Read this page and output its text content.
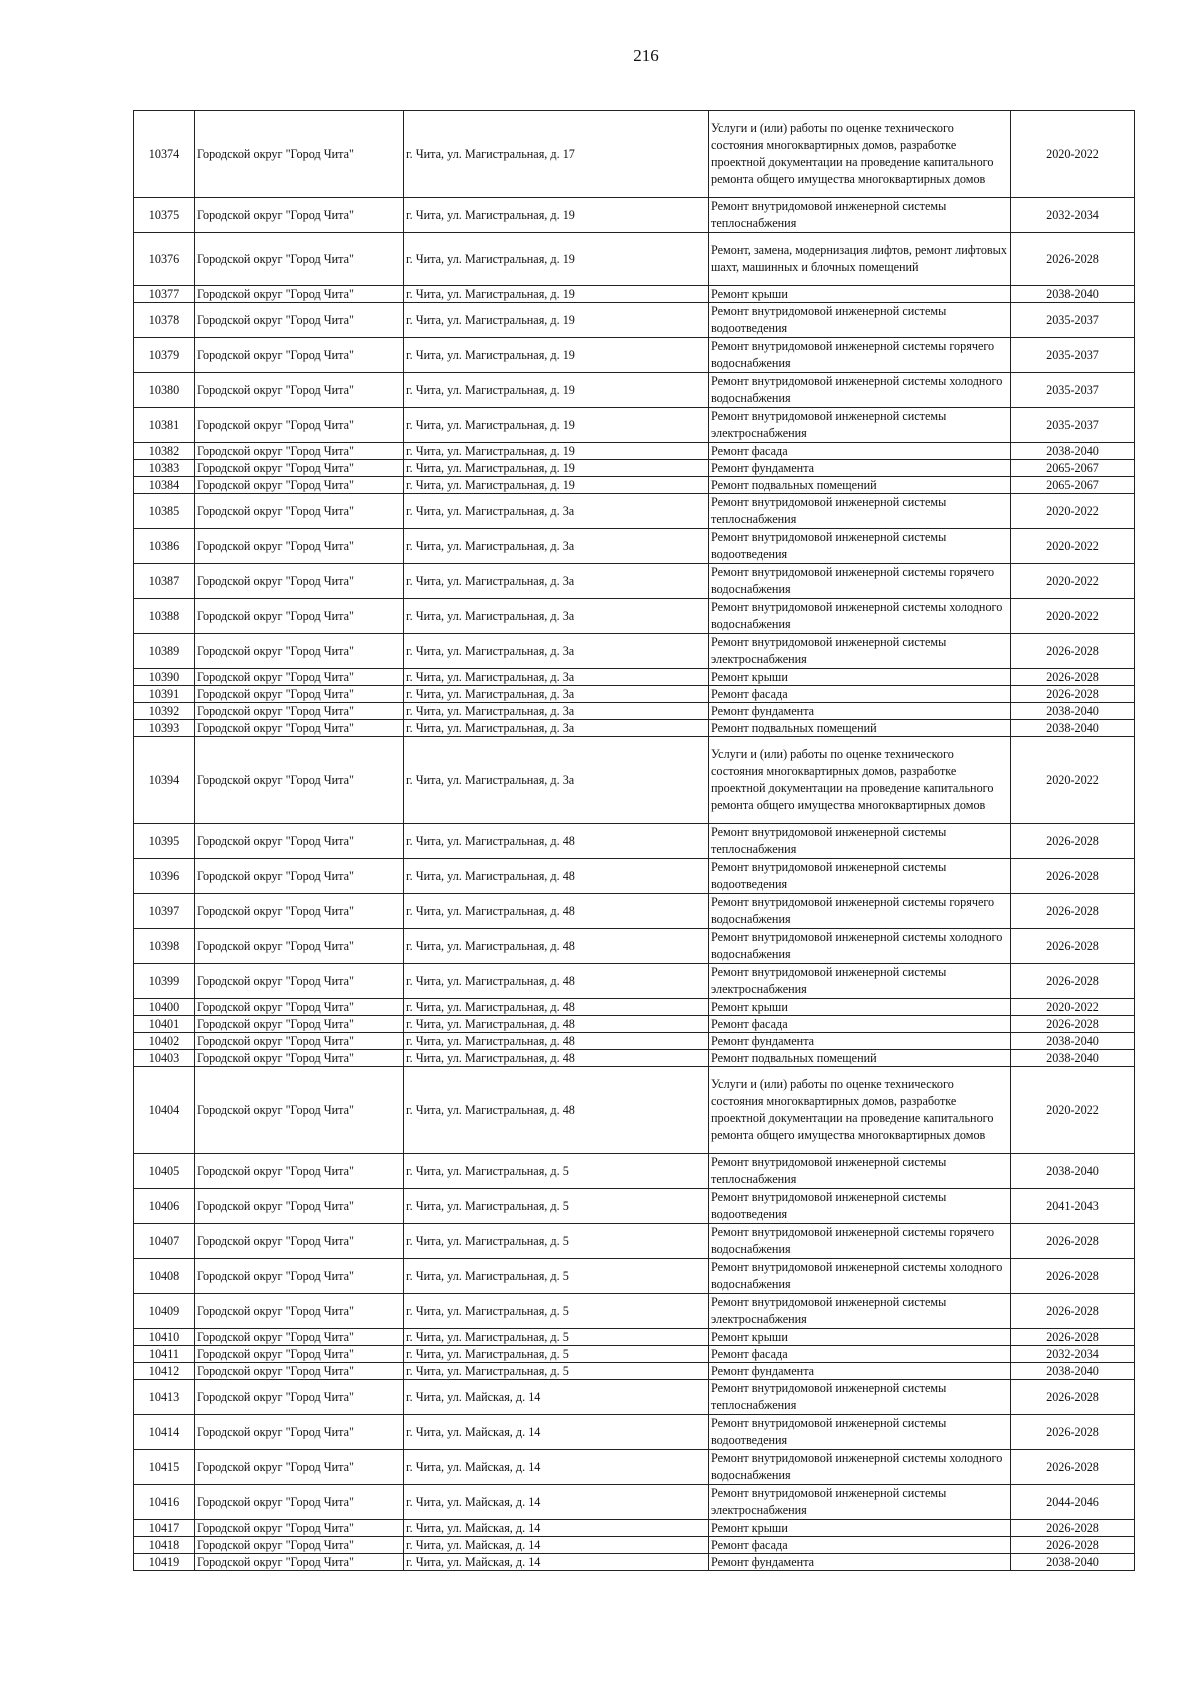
216
10374	Городской округ "Город Чита"	г. Чита, ул. Магистральная, д. 17	Услуги и (или) работы по оценке технического состояния многоквартирных домов, разработке проектной документации на проведение капитального ремонта общего имущества многоквартирных домов	2020-2022
10375	Городской округ "Город Чита"	г. Чита, ул. Магистральная, д. 19	Ремонт внутридомовой инженерной системы теплоснабжения	2032-2034
10376	Городской округ "Город Чита"	г. Чита, ул. Магистральная, д. 19	Ремонт, замена, модернизация лифтов, ремонт лифтовых шахт, машинных и блочных помещений	2026-2028
10377	Городской округ "Город Чита"	г. Чита, ул. Магистральная, д. 19	Ремонт крыши	2038-2040
10378	Городской округ "Город Чита"	г. Чита, ул. Магистральная, д. 19	Ремонт внутридомовой инженерной системы водоотведения	2035-2037
10379	Городской округ "Город Чита"	г. Чита, ул. Магистральная, д. 19	Ремонт внутридомовой инженерной системы горячего водоснабжения	2035-2037
10380	Городской округ "Город Чита"	г. Чита, ул. Магистральная, д. 19	Ремонт внутридомовой инженерной системы холодного водоснабжения	2035-2037
10381	Городской округ "Город Чита"	г. Чита, ул. Магистральная, д. 19	Ремонт внутридомовой инженерной системы электроснабжения	2035-2037
10382	Городской округ "Город Чита"	г. Чита, ул. Магистральная, д. 19	Ремонт фасада	2038-2040
10383	Городской округ "Город Чита"	г. Чита, ул. Магистральная, д. 19	Ремонт фундамента	2065-2067
10384	Городской округ "Город Чита"	г. Чита, ул. Магистральная, д. 19	Ремонт подвальных помещений	2065-2067
10385	Городской округ "Город Чита"	г. Чита, ул. Магистральная, д. 3а	Ремонт внутридомовой инженерной системы теплоснабжения	2020-2022
10386	Городской округ "Город Чита"	г. Чита, ул. Магистральная, д. 3а	Ремонт внутридомовой инженерной системы водоотведения	2020-2022
10387	Городской округ "Город Чита"	г. Чита, ул. Магистральная, д. 3а	Ремонт внутридомовой инженерной системы горячего водоснабжения	2020-2022
10388	Городской округ "Город Чита"	г. Чита, ул. Магистральная, д. 3а	Ремонт внутридомовой инженерной системы холодного водоснабжения	2020-2022
10389	Городской округ "Город Чита"	г. Чита, ул. Магистральная, д. 3а	Ремонт внутридомовой инженерной системы электроснабжения	2026-2028
10390	Городской округ "Город Чита"	г. Чита, ул. Магистральная, д. 3а	Ремонт крыши	2026-2028
10391	Городской округ "Город Чита"	г. Чита, ул. Магистральная, д. 3а	Ремонт фасада	2026-2028
10392	Городской округ "Город Чита"	г. Чита, ул. Магистральная, д. 3а	Ремонт фундамента	2038-2040
10393	Городской округ "Город Чита"	г. Чита, ул. Магистральная, д. 3а	Ремонт подвальных помещений	2038-2040
10394	Городской округ "Город Чита"	г. Чита, ул. Магистральная, д. 3а	Услуги и (или) работы по оценке технического состояния многоквартирных домов, разработке проектной документации на проведение капитального ремонта общего имущества многоквартирных домов	2020-2022
10395	Городской округ "Город Чита"	г. Чита, ул. Магистральная, д. 48	Ремонт внутридомовой инженерной системы теплоснабжения	2026-2028
10396	Городской округ "Город Чита"	г. Чита, ул. Магистральная, д. 48	Ремонт внутридомовой инженерной системы водоотведения	2026-2028
10397	Городской округ "Город Чита"	г. Чита, ул. Магистральная, д. 48	Ремонт внутридомовой инженерной системы горячего водоснабжения	2026-2028
10398	Городской округ "Город Чита"	г. Чита, ул. Магистральная, д. 48	Ремонт внутридомовой инженерной системы холодного водоснабжения	2026-2028
10399	Городской округ "Город Чита"	г. Чита, ул. Магистральная, д. 48	Ремонт внутридомовой инженерной системы электроснабжения	2026-2028
10400	Городской округ "Город Чита"	г. Чита, ул. Магистральная, д. 48	Ремонт крыши	2020-2022
10401	Городской округ "Город Чита"	г. Чита, ул. Магистральная, д. 48	Ремонт фасада	2026-2028
10402	Городской округ "Город Чита"	г. Чита, ул. Магистральная, д. 48	Ремонт фундамента	2038-2040
10403	Городской округ "Город Чита"	г. Чита, ул. Магистральная, д. 48	Ремонт подвальных помещений	2038-2040
10404	Городской округ "Город Чита"	г. Чита, ул. Магистральная, д. 48	Услуги и (или) работы по оценке технического состояния многоквартирных домов, разработке проектной документации на проведение капитального ремонта общего имущества многоквартирных домов	2020-2022
10405	Городской округ "Город Чита"	г. Чита, ул. Магистральная, д. 5	Ремонт внутридомовой инженерной системы теплоснабжения	2038-2040
10406	Городской округ "Город Чита"	г. Чита, ул. Магистральная, д. 5	Ремонт внутридомовой инженерной системы водоотведения	2041-2043
10407	Городской округ "Город Чита"	г. Чита, ул. Магистральная, д. 5	Ремонт внутридомовой инженерной системы горячего водоснабжения	2026-2028
10408	Городской округ "Город Чита"	г. Чита, ул. Магистральная, д. 5	Ремонт внутридомовой инженерной системы холодного водоснабжения	2026-2028
10409	Городской округ "Город Чита"	г. Чита, ул. Магистральная, д. 5	Ремонт внутридомовой инженерной системы электроснабжения	2026-2028
10410	Городской округ "Город Чита"	г. Чита, ул. Магистральная, д. 5	Ремонт крыши	2026-2028
10411	Городской округ "Город Чита"	г. Чита, ул. Магистральная, д. 5	Ремонт фасада	2032-2034
10412	Городской округ "Город Чита"	г. Чита, ул. Магистральная, д. 5	Ремонт фундамента	2038-2040
10413	Городской округ "Город Чита"	г. Чита, ул. Майская, д. 14	Ремонт внутридомовой инженерной системы теплоснабжения	2026-2028
10414	Городской округ "Город Чита"	г. Чита, ул. Майская, д. 14	Ремонт внутридомовой инженерной системы водоотведения	2026-2028
10415	Городской округ "Город Чита"	г. Чита, ул. Майская, д. 14	Ремонт внутридомовой инженерной системы холодного водоснабжения	2026-2028
10416	Городской округ "Город Чита"	г. Чита, ул. Майская, д. 14	Ремонт внутридомовой инженерной системы электроснабжения	2044-2046
10417	Городской округ "Город Чита"	г. Чита, ул. Майская, д. 14	Ремонт крыши	2026-2028
10418	Городской округ "Город Чита"	г. Чита, ул. Майская, д. 14	Ремонт фасада	2026-2028
10419	Городской округ "Город Чита"	г. Чита, ул. Майская, д. 14	Ремонт фундамента	2038-2040
